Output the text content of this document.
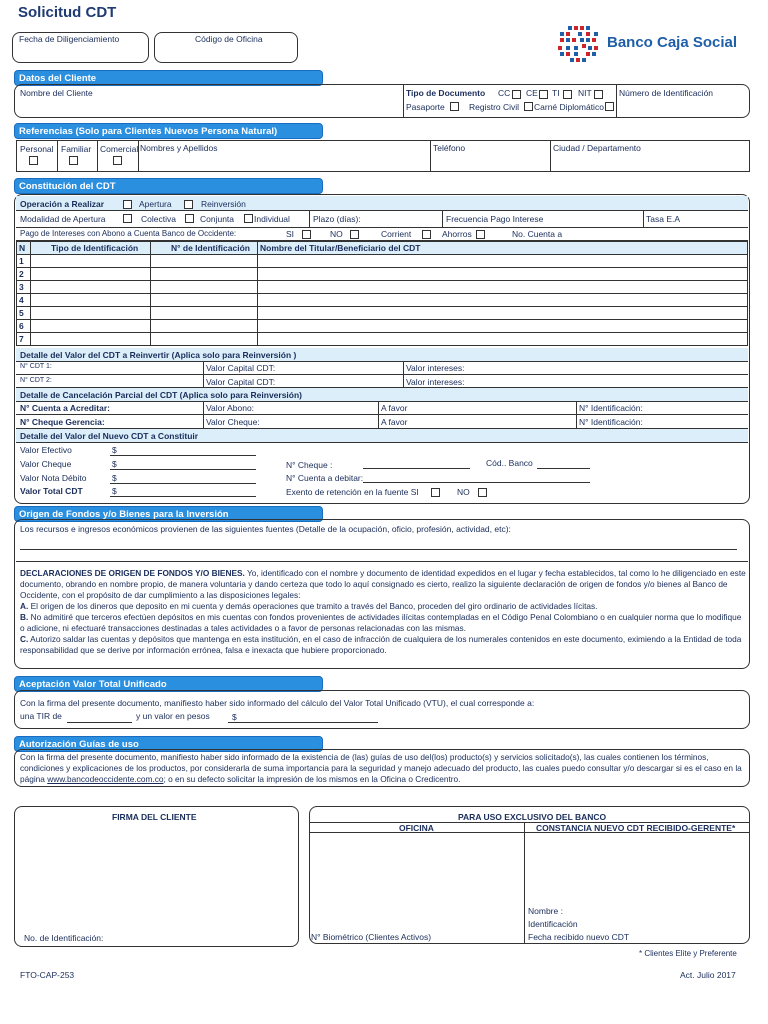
Solicitud CDT
Fecha de Diligenciamiento	Código de Oficina	Banco Caja Social
Datos del Cliente
Nombre del Cliente	Tipo de Documento CC CE TI NIT	Número de Identificación
Pasaporte	Registro Civil Carné Diplomático
Referencias (Solo para Clientes Nuevos Persona Natural)
Personal Familiar Comercial Nombres y Apellidos	Teléfono	Ciudad / Departamento
Constitución del CDT
Operación a Realizar	Apertura	Reinversión
Modalidad de Apertura	Colectiva	Conjunta Individual	Plazo (días):	Frecuencia Pago Interese	Tasa E.A
Pago de Intereses con Abono a Cuenta Banco de Occidente:	SI	NO	Corrient	Ahorros	No. Cuenta a
N	Tipo de Identificación	N° de Identificación	Nombre del Titular/Beneficiario del CDT
1			
2			
3			
4			
5			
6			
7			
Detalle del Valor del CDT a Reinvertir (Aplica solo para Reinversión )
N° CDT 1:	Valor Capital CDT:	Valor intereses:
N° CDT 2:	Valor Capital CDT:	Valor intereses:
Detalle de Cancelación Parcial del CDT (Aplica solo para Reinversión)
N° Cuenta a Acreditar:	Valor Abono:	A favor	N° Identificación:
N° Cheque Gerencia:	Valor Cheque:	A favor	N° Identificación:
Detalle del Valor del Nuevo CDT a Constituir
Valor Efectivo	$
Valor Cheque	$
Valor Nota Débito	$
Valor Total CDT	$
N° Cheque :	Cód.. Banco
N° Cuenta a debitar:
Exento de retención en la fuente SI	NO
Origen de Fondos y/o Bienes para la Inversión
Los recursos e ingresos económicos provienen de las siguientes fuentes (Detalle de la ocupación, oficio, profesión, actividad, etc):
DECLARACIONES DE ORIGEN DE FONDOS Y/O BIENES. Yo, identificado con el nombre y documento de identidad expedidos en el lugar y fecha establecidos, tal como lo he diligenciado en este documento, obrando en nombre propio, de manera voluntaria y dando certeza que todo lo aquí consignado es cierto, realizo la siguiente declaración de origen de fondos y/o bienes al Banco de Occidente, con el propósito de dar cumplimiento a las disposiciones legales:
A. El origen de los dineros que deposito en mi cuenta y demás operaciones que tramito a través del Banco, proceden del giro ordinario de actividades lícitas.
B. No admitiré que terceros efectúen depósitos en mis cuentas con fondos provenientes de actividades ilícitas contempladas en el Código Penal Colombiano o en cualquier norma que lo modifique o adicione, ni efectuaré transacciones destinadas a tales actividades o a favor de personas relacionadas con las mismas.
C. Autorizo saldar las cuentas y depósitos que mantenga en esta institución, en el caso de infracción de cualquiera de los numerales contenidos en este documento, eximiendo a la Entidad de toda responsabilidad que se derive por información errónea, falsa e inexacta que hubiere proporcionado.
Aceptación Valor Total Unificado
Con la firma del presente documento, manifiesto haber sido informado del cálculo del Valor Total Unificado (VTU), el cual corresponde a:
una TIR de	y un valor en pesos	$
Autorización Guías de uso
Con la firma del presente documento, manifiesto haber sido informado de la existencia de (las) guías de uso del(los) producto(s) y servicios solicitado(s), las cuales contienen los términos, condiciones y explicaciones de los productos, por considerarla de suma importancia para la seguridad y manejo adecuado del producto, las cuales puedo consultar y/o descargar si es el caso en la página www.bancodeoccidente.com.co; o en su defecto solicitar la impresión de los mismos en la Oficina o Credicentro.
FIRMA DEL CLIENTE
No. de Identificación:
PARA USO EXCLUSIVO DEL BANCO
OFICINA	CONSTANCIA NUEVO CDT RECIBIDO-GERENTE*
N° Biométrico (Clientes Activos)
Nombre :
Identificación
Fecha recibido nuevo CDT
* Clientes Elite y Preferente
FTO-CAP-253	Act. Julio 2017
